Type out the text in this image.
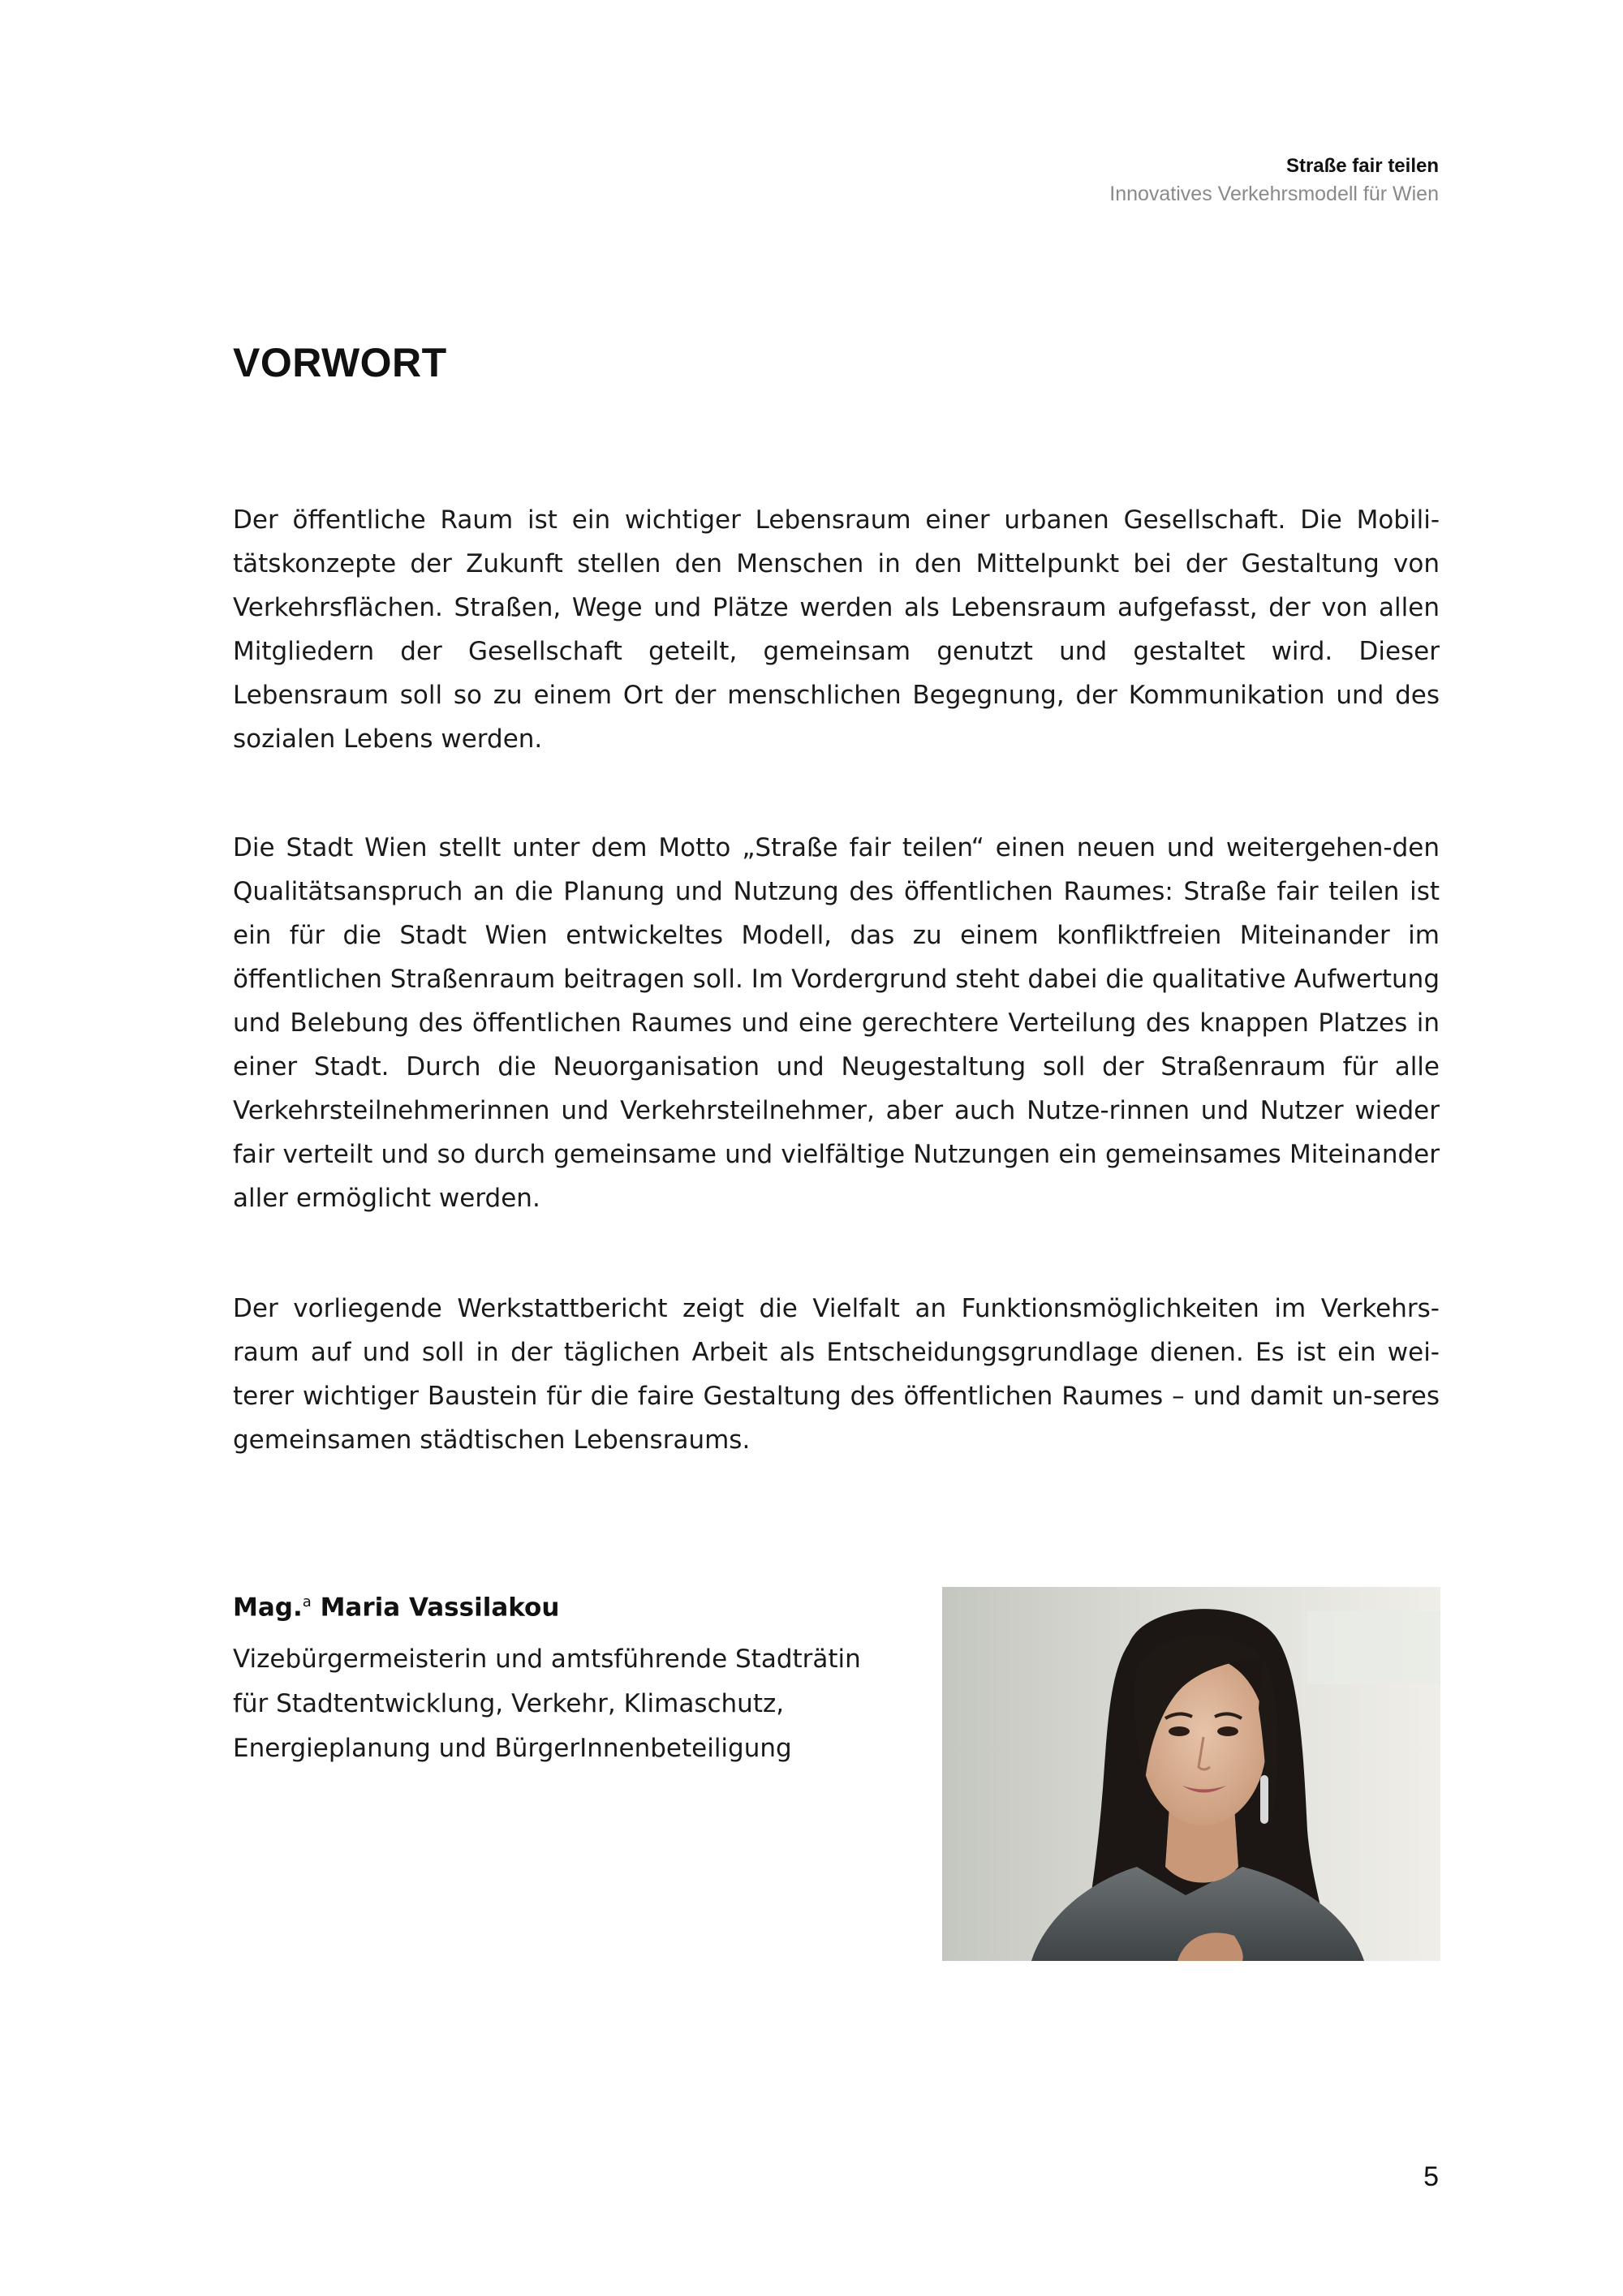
Straße fair teilen
Innovatives Verkehrsmodell für Wien
VORWORT

Der öffentliche Raum ist ein wichtiger Lebensraum einer urbanen Gesellschaft. Die Mobili-tätskonzepte der Zukunft stellen den Menschen in den Mittelpunkt bei der Gestaltung von Verkehrsflächen. Straßen, Wege und Plätze werden als Lebensraum aufgefasst, der von allen Mitgliedern der Gesellschaft geteilt, gemeinsam genutzt und gestaltet wird. Dieser Lebensraum soll so zu einem Ort der menschlichen Begegnung, der Kommunikation und des sozialen Lebens werden.

Die Stadt Wien stellt unter dem Motto „Straße fair teilen“ einen neuen und weitergehen-den Qualitätsanspruch an die Planung und Nutzung des öffentlichen Raumes: Straße fair teilen ist ein für die Stadt Wien entwickeltes Modell, das zu einem konfliktfreien Miteinander im öffentlichen Straßenraum beitragen soll. Im Vordergrund steht dabei die qualitative Aufwertung und Belebung des öffentlichen Raumes und eine gerechtere Verteilung des knappen Platzes in einer Stadt. Durch die Neuorganisation und Neugestaltung soll der Straßenraum für alle Verkehrsteilnehmerinnen und Verkehrsteilnehmer, aber auch Nutze-rinnen und Nutzer wieder fair verteilt und so durch gemeinsame und vielfältige Nutzungen ein gemeinsames Miteinander aller ermöglicht werden.

Der vorliegende Werkstattbericht zeigt die Vielfalt an Funktionsmöglichkeiten im Verkehrs-raum auf und soll in der täglichen Arbeit als Entscheidungsgrundlage dienen. Es ist ein wei-terer wichtiger Baustein für die faire Gestaltung des öffentlichen Raumes – und damit un-seres gemeinsamen städtischen Lebensraums.

Mag.$^a$ Maria Vassilakou
Vizebürgermeisterin und amtsführende Stadträtin
für Stadtentwicklung, Verkehr, Klimaschutz,
Energieplanung und BürgerInnenbeteiligung
5
